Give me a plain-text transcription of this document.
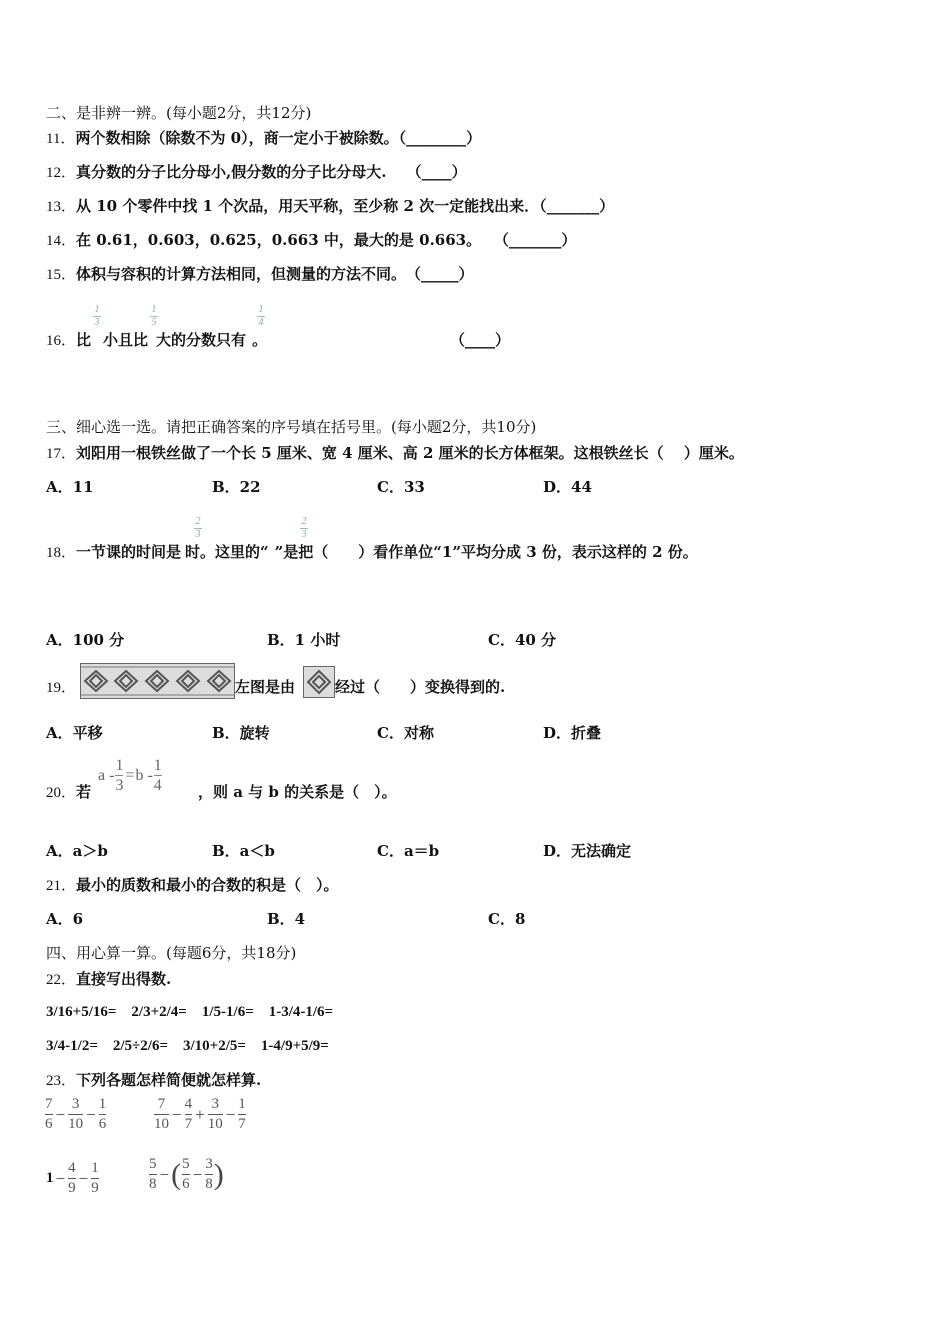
二、是非辨一辨。(每小题2分，共12分)
11．两个数相除（除数不为 0），商一定小于被除数。（________）
12．真分数的分子比分母小,假分数的分子比分母大.　 （____）
13．从 10 个零件中找 1 个次品，用天平称，至少称 2 次一定能找出来．（_______）
14．在 0.61，0.603，0.625，0.663 中，最大的是 0.663。　 （_______）
15．体积与容积的计算方法相同，但测量的方法不同。　（_____）
16．比 小且比 大的分数只有 。	（____）
1
3
1
5
1
4
三、细心选一选。请把正确答案的序号填在括号里。(每小题2分，共10分)
17．刘阳用一根铁丝做了一个长 5 厘米、宽 4 厘米、高 2 厘米的长方体框架。这根铁丝长（　 ）厘米。
A．11	B．22	C．33	D．44
18．一节课的时间是 时。这里的“ ”是把（　　）看作单位“1”平均分成 3 份，表示这样的 2 份。
2
3
2
3
A．100 分	B．1 小时	C．40 分
19．	左图是由	经过（　　）变换得到的.
A．平移	B．旋转	C．对称	D．折叠
20．若
$a - \frac{1}{3} = b - \frac{1}{4}$ ，则 a 与 b 的关系是（　）。
A．a＞b	B．a＜b	C．a＝b	D．无法确定
21．最小的质数和最小的合数的积是（　）。
A．6	B．4	C．8
四、用心算一算。(每题6分，共18分)
22．直接写出得数.
3/16+5/16=　2/3+2/4=　1/5-1/6=　1-3/4-1/6=
3/4-1/2=　2/5÷2/6=　3/10+2/5=　1-4/9+5/9=
23．下列各题怎样简便就怎样算.
$\frac{7}{6} - \frac{3}{10} - \frac{1}{6}$	$\frac{7}{10} - \frac{4}{7} + \frac{3}{10} - \frac{1}{7}$
$1 - \frac{4}{9} - \frac{1}{9}$	$\frac{5}{8}$ − ( $\frac{5}{6} - \frac{3}{8}$ )
